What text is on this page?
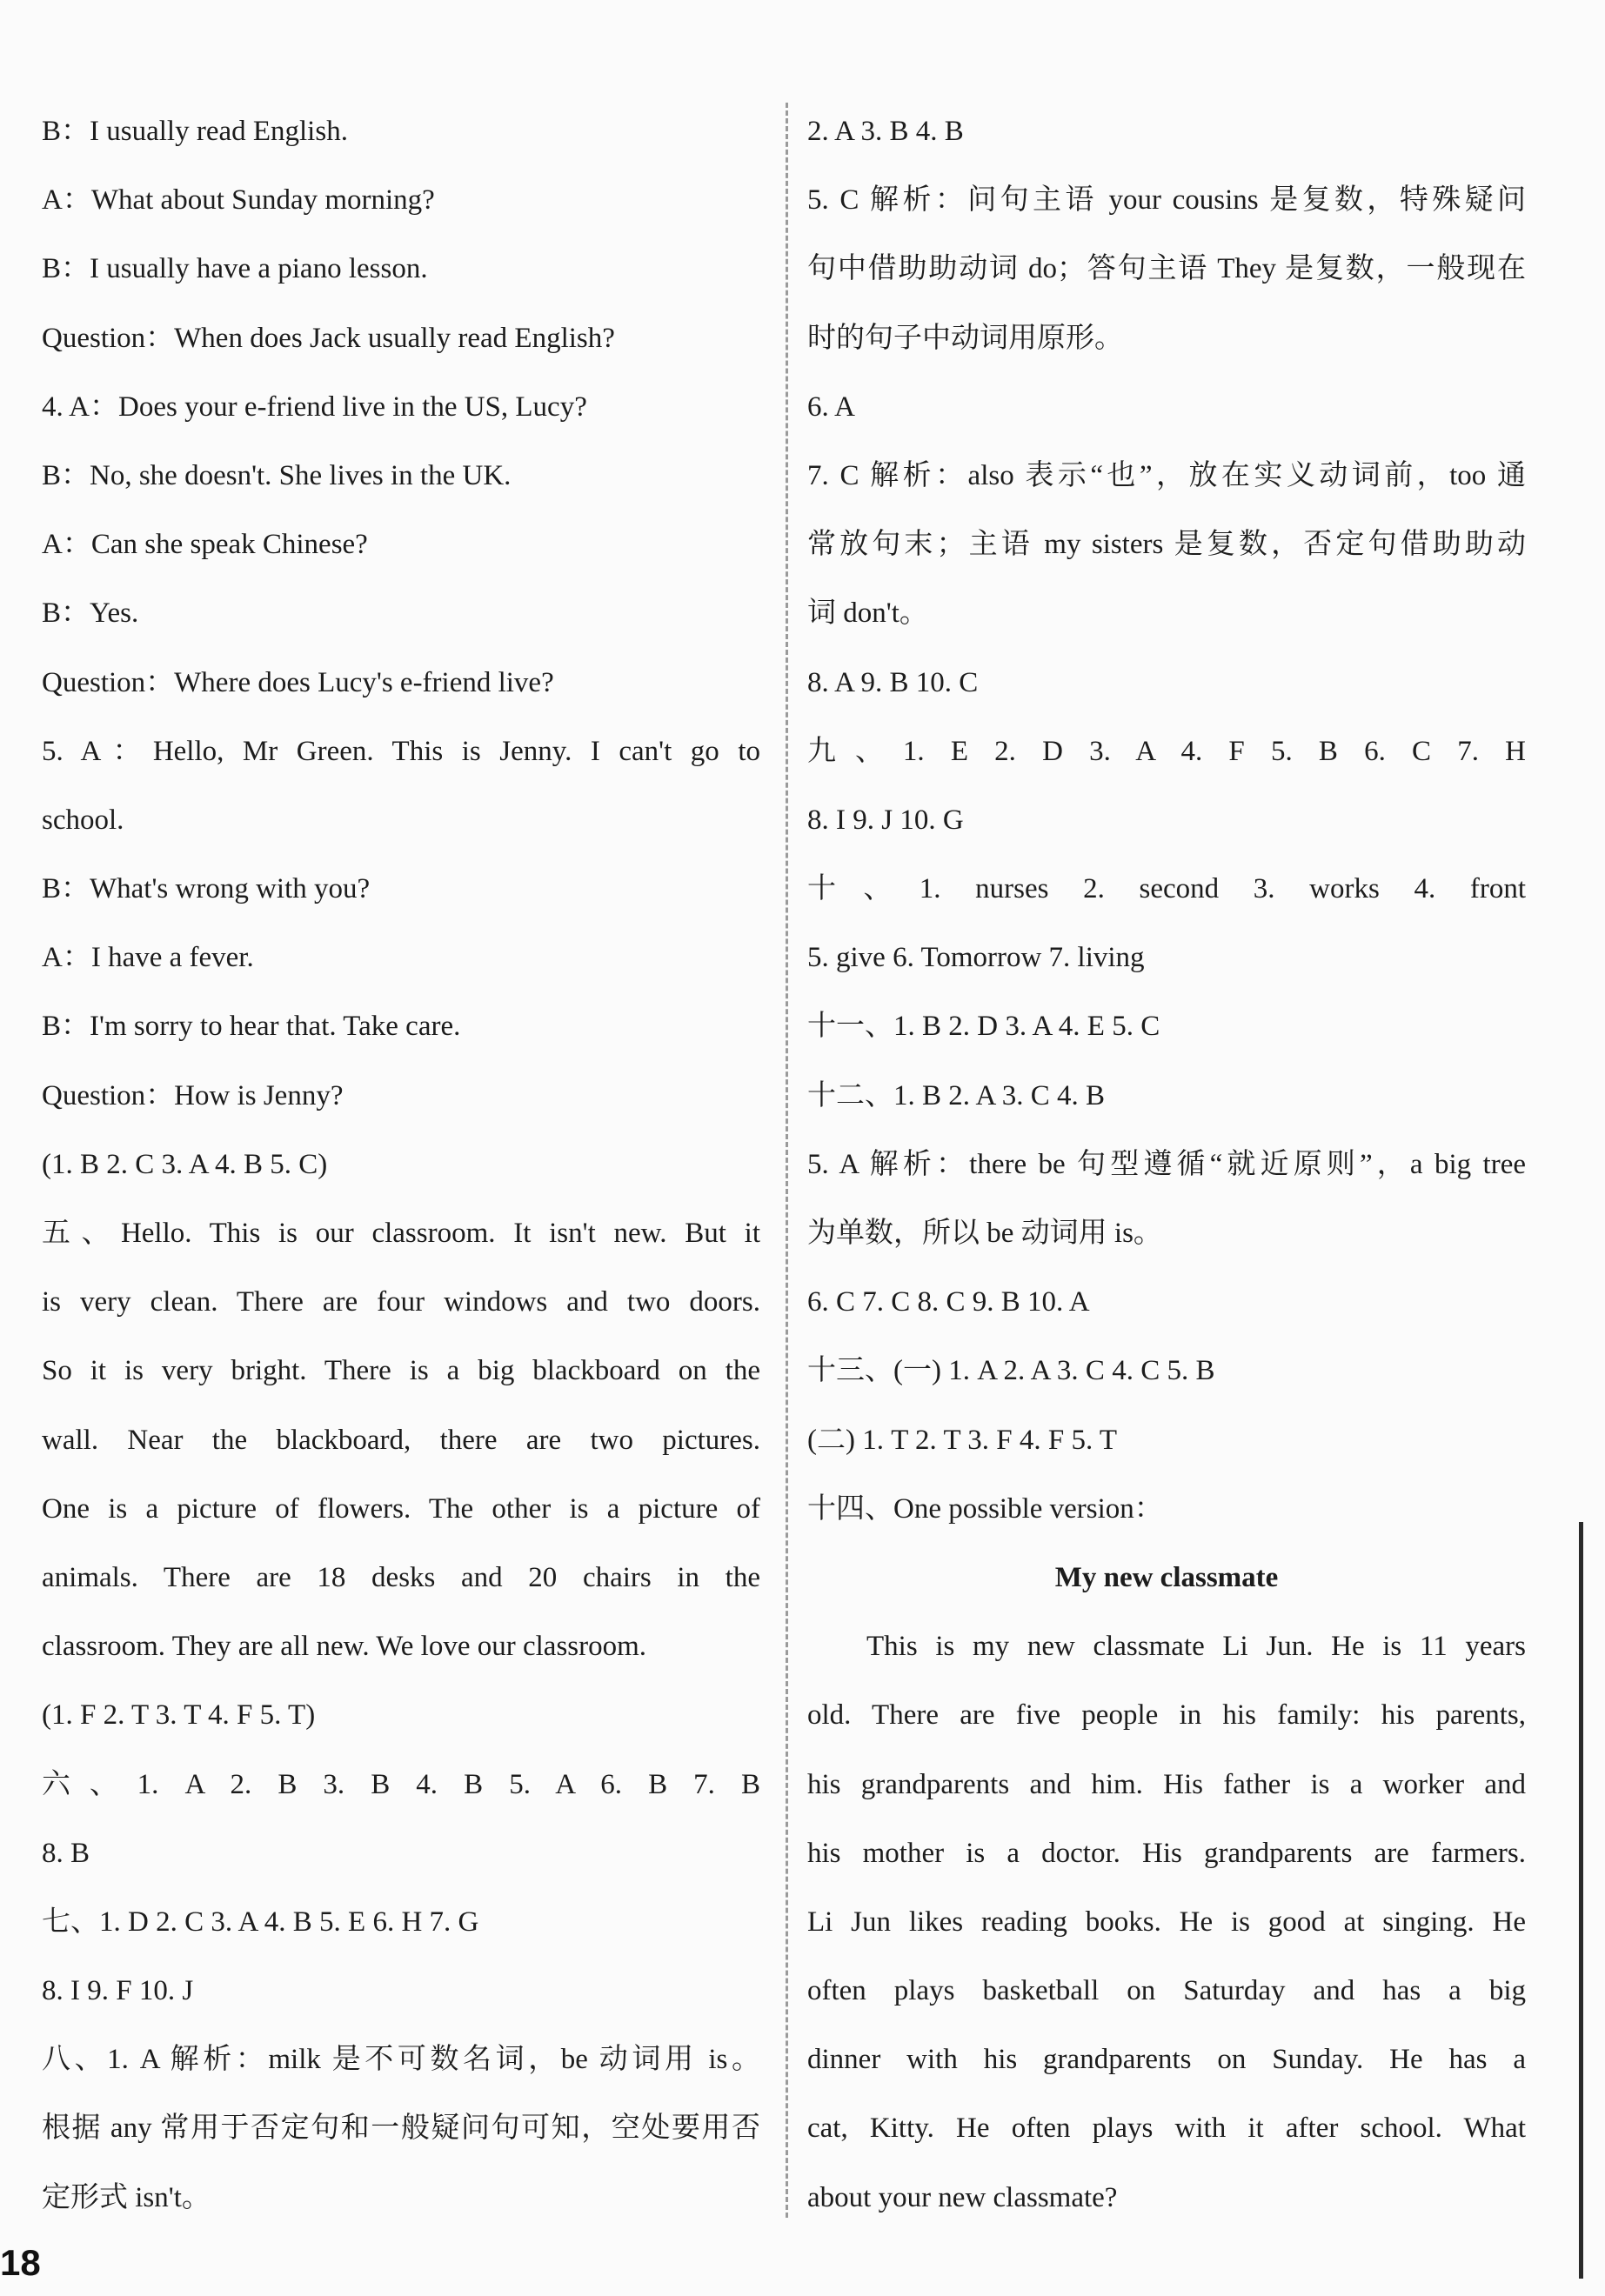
B：I usually read English.
A：What about Sunday morning?
B：I usually have a piano lesson.
Question：When does Jack usually read English?
4. A：Does your e-friend live in the US, Lucy?
B：No, she doesn't. She lives in the UK.
A：Can she speak Chinese?
B：Yes.
Question：Where does Lucy's e-friend live?
5. A：Hello, Mr Green. This is Jenny. I can't go to
school.
B：What's wrong with you?
A：I have a fever.
B：I'm sorry to hear that. Take care.
Question：How is Jenny?
(1. B 2. C 3. A 4. B 5. C)
五、Hello. This is our classroom. It isn't new. But it
is very clean. There are four windows and two doors.
So it is very bright. There is a big blackboard on the
wall. Near the blackboard, there are two pictures.
One is a picture of flowers. The other is a picture of
animals. There are 18 desks and 20 chairs in the
classroom. They are all new. We love our classroom.
(1. F 2. T 3. T 4. F 5. T)
六、1. A 2. B 3. B 4. B 5. A 6. B 7. B
8. B
七、1. D 2. C 3. A 4. B 5. E 6. H 7. G
8. I 9. F 10. J
八、1. A 解析：milk 是不可数名词，be 动词用 is。
根据 any 常用于否定句和一般疑问句可知，空处要用否
定形式 isn't。
2. A 3. B 4. B
5. C 解析：问句主语 your cousins 是复数，特殊疑问
句中借助助动词 do；答句主语 They 是复数，一般现在
时的句子中动词用原形。
6. A
7. C 解析：also 表示“也”，放在实义动词前，too 通
常放句末；主语 my sisters 是复数，否定句借助助动
词 don't。
8. A 9. B 10. C
九、1. E 2. D 3. A 4. F 5. B 6. C 7. H
8. I 9. J 10. G
十、1. nurses 2. second 3. works 4. front
5. give 6. Tomorrow 7. living
十一、1. B 2. D 3. A 4. E 5. C
十二、1. B 2. A 3. C 4. B
5. A 解析：there be 句型遵循“就近原则”，a big tree
为单数，所以 be 动词用 is。
6. C 7. C 8. C 9. B 10. A
十三、(一) 1. A 2. A 3. C 4. C 5. B
(二) 1. T 2. T 3. F 4. F 5. T
十四、One possible version：
My new classmate
This is my new classmate Li Jun. He is 11 years
old. There are five people in his family: his parents,
his grandparents and him. His father is a worker and
his mother is a doctor. His grandparents are farmers.
Li Jun likes reading books. He is good at singing. He
often plays basketball on Saturday and has a big
dinner with his grandparents on Sunday. He has a
cat, Kitty. He often plays with it after school. What
about your new classmate?
18
